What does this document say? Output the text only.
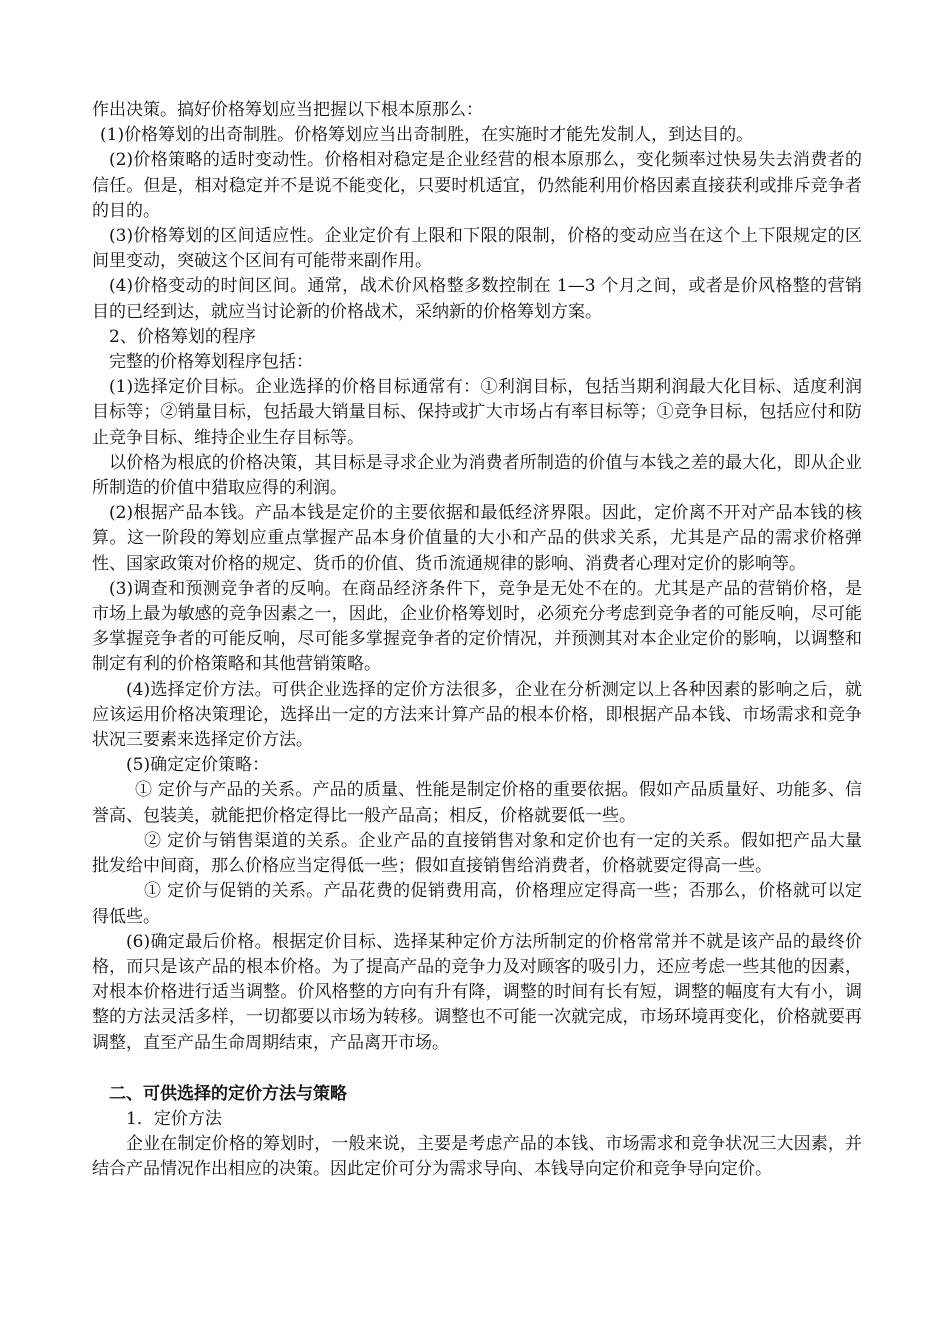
作出决策。搞好价格筹划应当把握以下根本原那么：

(1)价格筹划的出奇制胜。价格筹划应当出奇制胜，在实施时才能先发制人，到达目的。

(2)价格策略的适时变动性。价格相对稳定是企业经营的根本原那么，变化频率过快易失去消费者的信任。但是，相对稳定并不是说不能变化，只要时机适宜，仍然能利用价格因素直接获利或排斥竞争者的目的。

(3)价格筹划的区间适应性。企业定价有上限和下限的限制，价格的变动应当在这个上下限规定的区间里变动，突破这个区间有可能带来副作用。

(4)价格变动的时间区间。通常，战术价风格整多数控制在 1—3 个月之间，或者是价风格整的营销目的已经到达，就应当讨论新的价格战术，采纳新的价格筹划方案。

2、价格筹划的程序

完整的价格筹划程序包括：

(1)选择定价目标。企业选择的价格目标通常有：①利润目标，包括当期利润最大化目标、适度利润目标等；②销量目标，包括最大销量目标、保持或扩大市场占有率目标等；①竞争目标，包括应付和防止竞争目标、维持企业生存目标等。

以价格为根底的价格决策，其目标是寻求企业为消费者所制造的价值与本钱之差的最大化，即从企业所制造的价值中猎取应得的利润。

(2)根据产品本钱。产品本钱是定价的主要依据和最低经济界限。因此，定价离不开对产品本钱的核算。这一阶段的筹划应重点掌握产品本身价值量的大小和产品的供求关系，尤其是产品的需求价格弹性、国家政策对价格的规定、货币的价值、货币流通规律的影响、消费者心理对定价的影响等。

(3)调查和预测竞争者的反响。在商品经济条件下，竞争是无处不在的。尤其是产品的营销价格，是市场上最为敏感的竞争因素之一，因此，企业价格筹划时，必须充分考虑到竞争者的可能反响，尽可能多掌握竞争者的可能反响，尽可能多掌握竞争者的定价情况，并预测其对本企业定价的影响，以调整和制定有利的价格策略和其他营销策略。

(4)选择定价方法。可供企业选择的定价方法很多，企业在分析测定以上各种因素的影响之后，就应该运用价格决策理论，选择出一定的方法来计算产品的根本价格，即根据产品本钱、市场需求和竞争状况三要素来选择定价方法。

(5)确定定价策略：

① 定价与产品的关系。产品的质量、性能是制定价格的重要依据。假如产品质量好、功能多、信誉高、包装美，就能把价格定得比一般产品高；相反，价格就要低一些。

② 定价与销售渠道的关系。企业产品的直接销售对象和定价也有一定的关系。假如把产品大量批发给中间商，那么价格应当定得低一些；假如直接销售给消费者，价格就要定得高一些。

① 定价与促销的关系。产品花费的促销费用高，价格理应定得高一些；否那么，价格就可以定得低些。

(6)确定最后价格。根据定价目标、选择某种定价方法所制定的价格常常并不就是该产品的最终价格，而只是该产品的根本价格。为了提高产品的竞争力及对顾客的吸引力，还应考虑一些其他的因素，对根本价格进行适当调整。价风格整的方向有升有降，调整的时间有长有短，调整的幅度有大有小，调整的方法灵活多样，一切都要以市场为转移。调整也不可能一次就完成，市场环境再变化，价格就要再调整，直至产品生命周期结束，产品离开市场。

二、可供选择的定价方法与策略

1．定价方法

企业在制定价格的筹划时，一般来说，主要是考虑产品的本钱、市场需求和竞争状况三大因素，并结合产品情况作出相应的决策。因此定价可分为需求导向、本钱导向定价和竞争导向定价。
